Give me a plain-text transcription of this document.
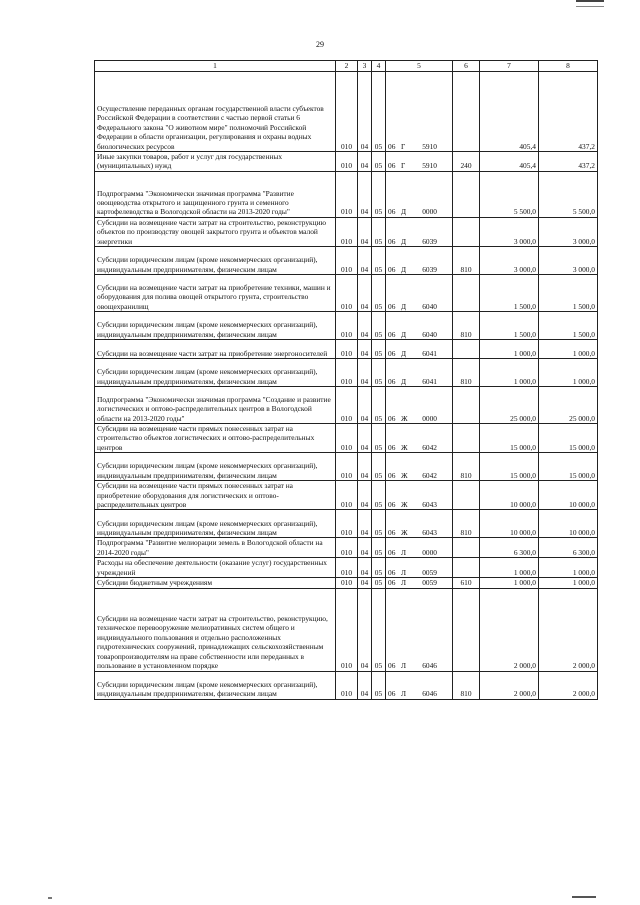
29
1	2	3	4	5	6	7	8
Осуществление переданных органам государственной власти субъектов Российской Федерации в соответствии с частью первой статьи 6 Федерального закона "О животном мире" полномочий Российской Федерации в области организации, регулирования и охраны водных биологических ресурсов	010	04	05	06 Г 5910		405,4	437,2
Иные закупки товаров, работ и услуг для государственных (муниципальных) нужд	010	04	05	06 Г 5910	240	405,4	437,2
Подпрограмма "Экономически значимая программа "Развитие овощеводства открытого и защищенного грунта и семенного картофелеводства в Вологодской области на 2013-2020 годы"	010	04	05	06 Д 0000		5 500,0	5 500,0
Субсидии на возмещение части затрат на строительство, реконструкцию объектов по производству овощей закрытого грунта и объектов малой энергетики	010	04	05	06 Д 6039		3 000,0	3 000,0
Субсидии юридическим лицам (кроме некоммерческих организаций), индивидуальным предпринимателям, физическим лицам	010	04	05	06 Д 6039	810	3 000,0	3 000,0
Субсидии на возмещение части затрат на приобретение техники, машин и оборудования для полива овощей открытого грунта, строительство овощехранилищ	010	04	05	06 Д 6040		1 500,0	1 500,0
Субсидии юридическим лицам (кроме некоммерческих организаций), индивидуальным предпринимателям, физическим лицам	010	04	05	06 Д 6040	810	1 500,0	1 500,0
Субсидии на возмещение части затрат на приобретение энергоносителей	010	04	05	06 Д 6041		1 000,0	1 000,0
Субсидии юридическим лицам (кроме некоммерческих организаций), индивидуальным предпринимателям, физическим лицам	010	04	05	06 Д 6041	810	1 000,0	1 000,0
Подпрограмма "Экономически значимая программа "Создание и развитие логистических и оптово-распределительных центров в Вологодской области на 2013-2020 годы"	010	04	05	06 Ж 0000		25 000,0	25 000,0
Субсидии на возмещение части прямых понесенных затрат на строительство объектов логистических и оптово-распределительных центров	010	04	05	06 Ж 6042		15 000,0	15 000,0
Субсидии юридическим лицам (кроме некоммерческих организаций), индивидуальным предпринимателям, физическим лицам	010	04	05	06 Ж 6042	810	15 000,0	15 000,0
Субсидии на возмещение части прямых понесенных затрат на приобретение оборудования для логистических и оптово-распределительных центров	010	04	05	06 Ж 6043		10 000,0	10 000,0
Субсидии юридическим лицам (кроме некоммерческих организаций), индивидуальным предпринимателям, физическим лицам	010	04	05	06 Ж 6043	810	10 000,0	10 000,0
Подпрограмма "Развитие мелиорации земель в Вологодской области на 2014-2020 годы"	010	04	05	06 Л 0000		6 300,0	6 300,0
Расходы на обеспечение деятельности (оказание услуг) государственных учреждений	010	04	05	06 Л 0059		1 000,0	1 000,0
Субсидии бюджетным учреждениям	010	04	05	06 Л 0059	610	1 000,0	1 000,0
Субсидии на возмещение части затрат на строительство, реконструкцию, техническое перевооружение мелиоративных систем общего и индивидуального пользования и отдельно расположенных гидротехнических сооружений, принадлежащих сельскохозяйственным товаропроизводителям на праве собственности или переданных в пользование в установленном порядке	010	04	05	06 Л 6046		2 000,0	2 000,0
Субсидии юридическим лицам (кроме некоммерческих организаций), индивидуальным предпринимателям, физическим лицам	010	04	05	06 Л 6046	810	2 000,0	2 000,0
